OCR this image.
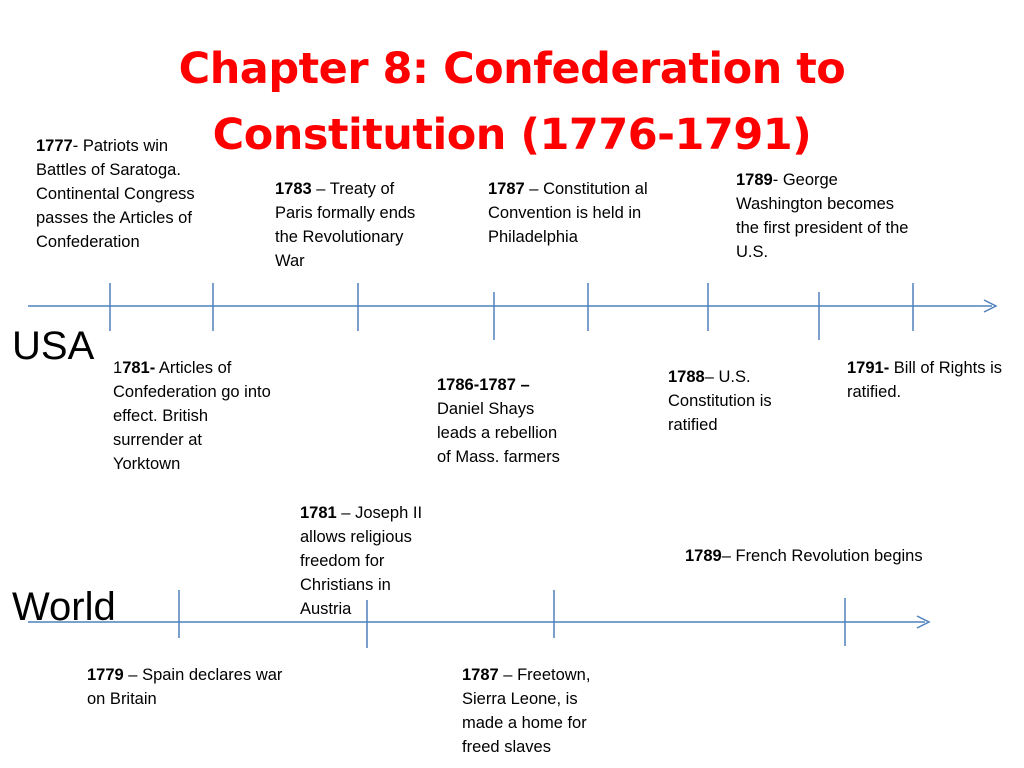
Chapter 8: Confederation to
Constitution (1776-1791)
USA
World
1777- Patriots win Battles of Saratoga. Continental Congress passes the Articles of Confederation
1783 – Treaty of Paris formally ends the Revolutionary War
1787 – Constitution al Convention is held in Philadelphia
1789- George Washington becomes the first president of the U.S.
1781- Articles of Confederation go into effect. British surrender at Yorktown
1786-1787 – Daniel Shays leads a rebellion of Mass. farmers
1788– U.S. Constitution is ratified
1791- Bill of Rights is ratified.
1781 – Joseph II allows religious freedom for Christians in Austria
1789– French Revolution begins
1779 – Spain declares war on Britain
1787 – Freetown, Sierra Leone, is made a home for freed slaves
